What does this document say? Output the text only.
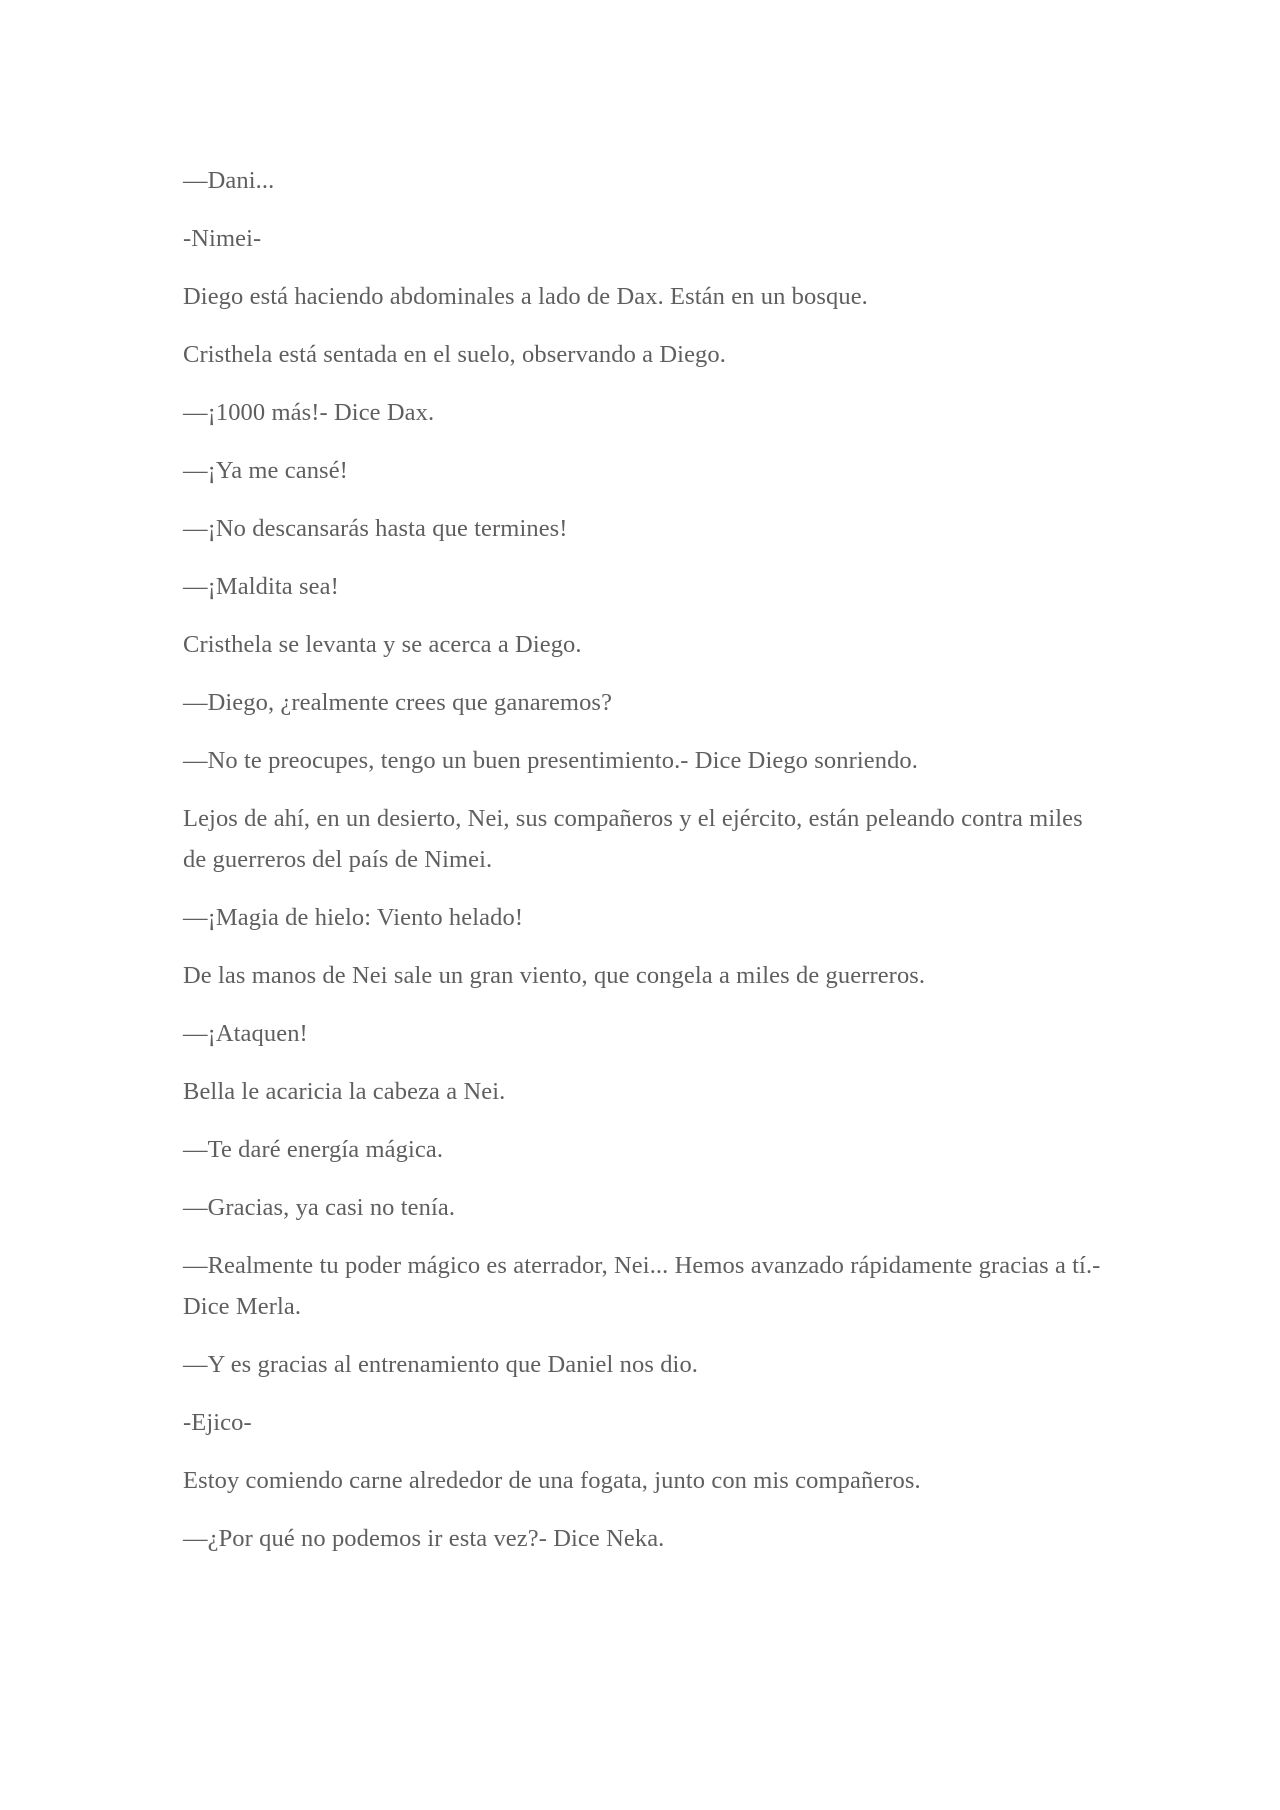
—Dani...

-Nimei-

Diego está haciendo abdominales a lado de Dax. Están en un bosque.

Cristhela está sentada en el suelo, observando a Diego.

—¡1000 más!- Dice Dax.

—¡Ya me cansé!

—¡No descansarás hasta que termines!

—¡Maldita sea!

Cristhela se levanta y se acerca a Diego.

—Diego, ¿realmente crees que ganaremos?

—No te preocupes, tengo un buen presentimiento.- Dice Diego sonriendo.

Lejos de ahí, en un desierto, Nei, sus compañeros y el ejército, están peleando contra miles de guerreros del país de Nimei.

—¡Magia de hielo: Viento helado!

De las manos de Nei sale un gran viento, que congela a miles de guerreros.

—¡Ataquen!

Bella le acaricia la cabeza a Nei.

—Te daré energía mágica.

—Gracias, ya casi no tenía.

—Realmente tu poder mágico es aterrador, Nei... Hemos avanzado rápidamente gracias a tí.- Dice Merla.

—Y es gracias al entrenamiento que Daniel nos dio.

-Ejico-

Estoy comiendo carne alrededor de una fogata, junto con mis compañeros.

—¿Por qué no podemos ir esta vez?- Dice Neka.
